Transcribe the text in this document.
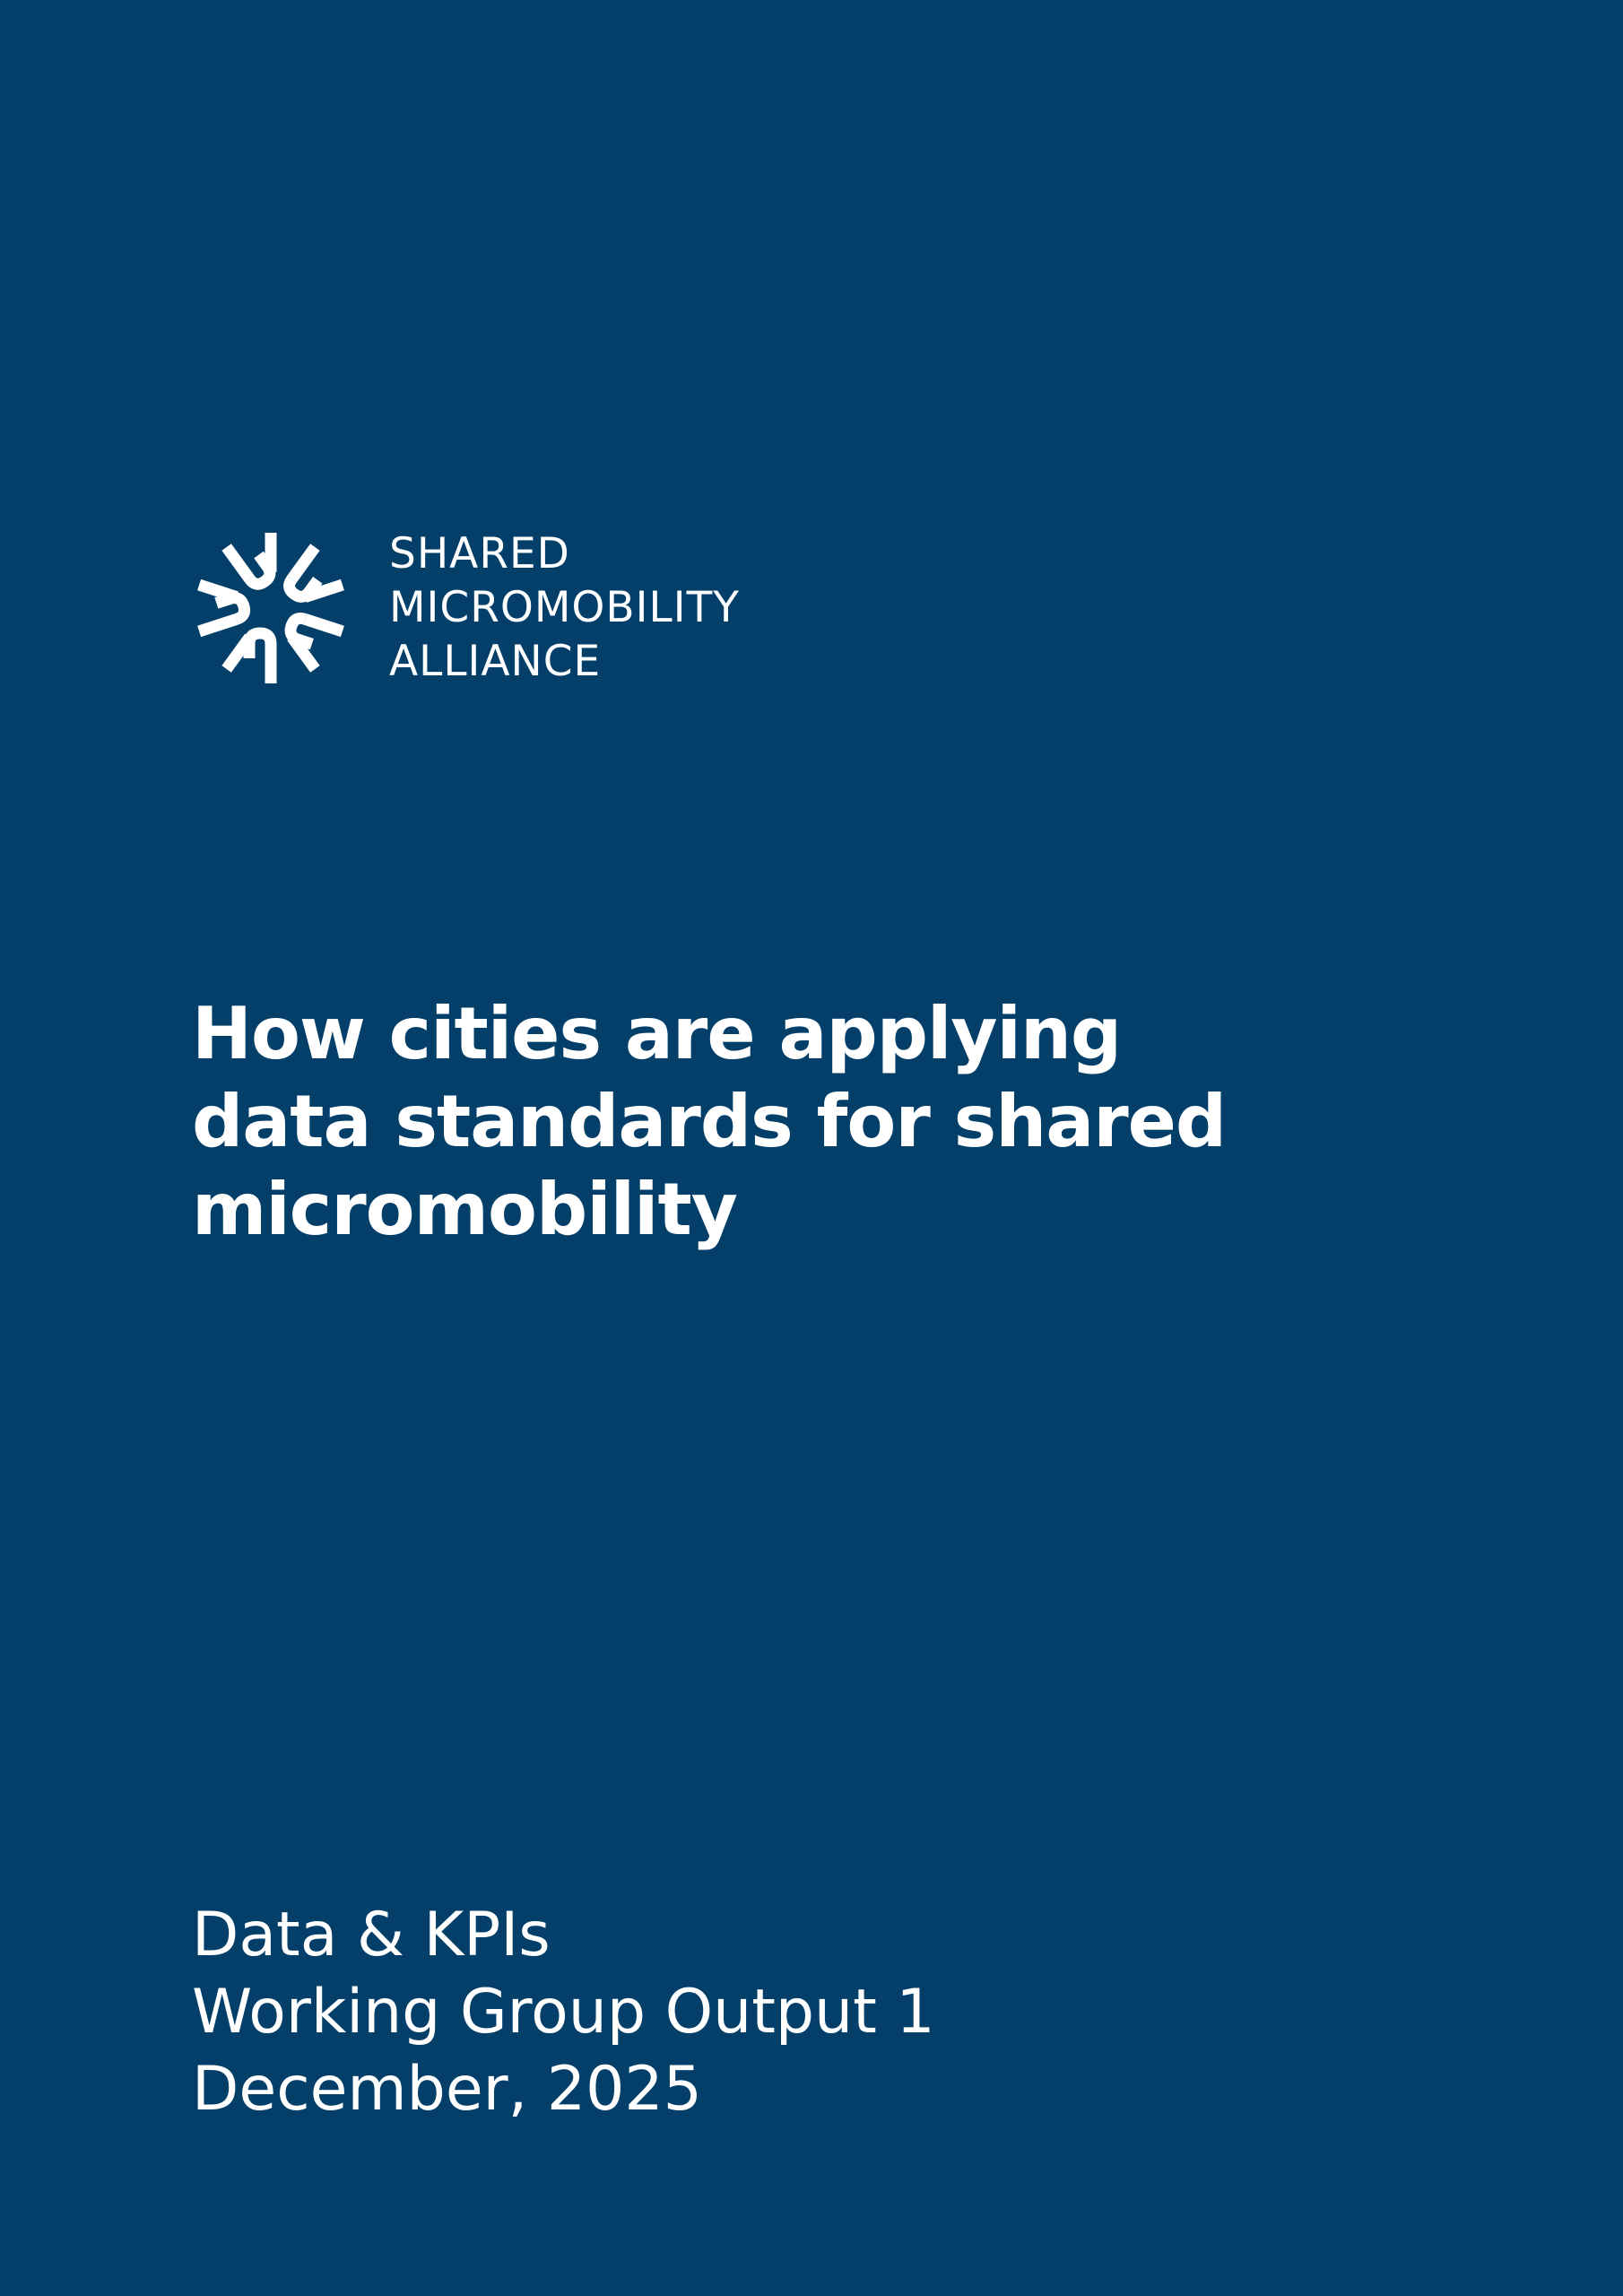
SHARED
MICROMOBILITY
ALLIANCE
How cities are applying
data standards for shared
micromobility
Data & KPIs
Working Group Output 1
December, 2025
